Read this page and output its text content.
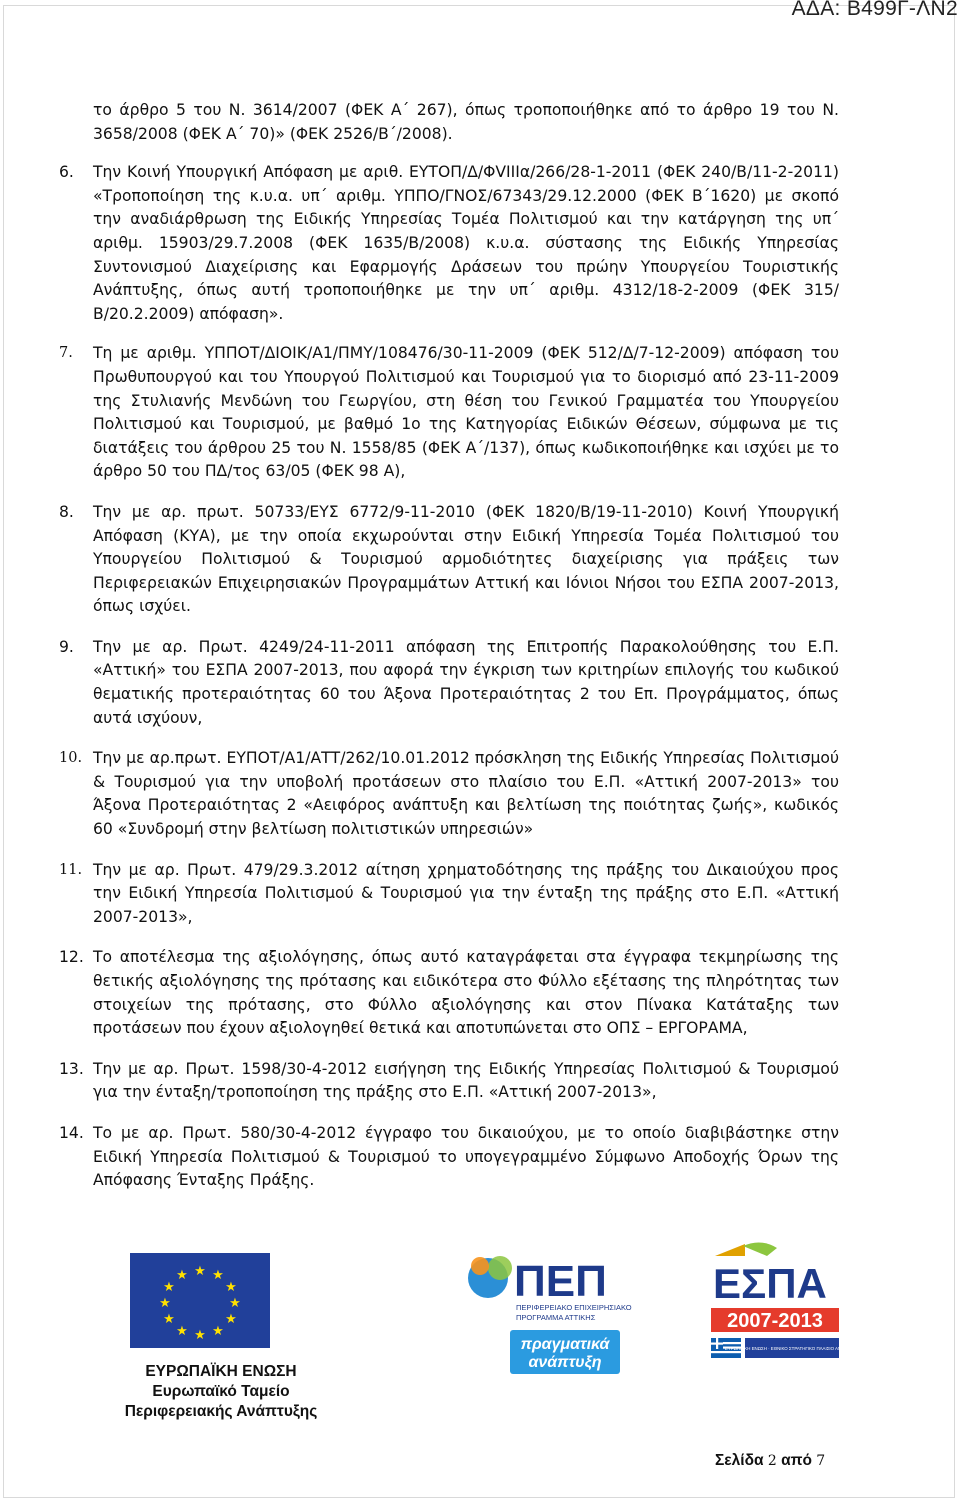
ΑΔΑ: Β499Γ-ΛΝ2

το άρθρο 5 του Ν. 3614/2007 (ΦΕΚ Α΄ 267), όπως τροποποιήθηκε από το άρθρο 19 του Ν. 3658/2008 (ΦΕΚ Α΄ 70)» (ΦΕΚ 2526/Β΄/2008).

6. Την Κοινή Υπουργική Απόφαση με αριθ. ΕΥΤΟΠ/Δ/ΦVIIIα/266/28-1-2011 (ΦΕΚ 240/Β/11-2-2011) «Τροποποίηση της κ.υ.α. υπ΄ αριθμ. ΥΠΠΟ/ΓΝΟΣ/67343/29.12.2000 (ΦΕΚ Β΄1620) με σκοπό την αναδιάρθρωση της Ειδικής Υπηρεσίας Τομέα Πολιτισμού και την κατάργηση της υπ΄ αριθμ. 15903/29.7.2008 (ΦΕΚ 1635/Β/2008) κ.υ.α. σύστασης της Ειδικής Υπηρεσίας Συντονισμού Διαχείρισης και Εφαρμογής Δράσεων του πρώην Υπουργείου Τουριστικής Ανάπτυξης, όπως αυτή τροποποιήθηκε με την υπ΄ αριθμ. 4312/18-2-2009 (ΦΕΚ 315/Β/20.2.2009) απόφαση».
7. Τη με αριθμ. ΥΠΠΟΤ/ΔΙΟΙΚ/Α1/ΠΜΥ/108476/30-11-2009 (ΦΕΚ 512/Δ/7-12-2009) απόφαση του Πρωθυπουργού και του Υπουργού Πολιτισμού και Τουρισμού για το διορισμό από 23-11-2009 της Στυλιανής Μενδώνη του Γεωργίου, στη θέση του Γενικού Γραμματέα του Υπουργείου Πολιτισμού και Τουρισμού, με βαθμό 1ο της Κατηγορίας Ειδικών Θέσεων, σύμφωνα με τις διατάξεις του άρθρου 25 του Ν. 1558/85 (ΦΕΚ Α΄/137), όπως κωδικοποιήθηκε και ισχύει με το άρθρο 50 του ΠΔ/τος 63/05 (ΦΕΚ 98 Α),
8. Την με αρ. πρωτ. 50733/ΕΥΣ 6772/9-11-2010 (ΦΕΚ 1820/Β/19-11-2010) Κοινή Υπουργική Απόφαση (ΚΥΑ), με την οποία εκχωρούνται στην Ειδική Υπηρεσία Τομέα Πολιτισμού του Υπουργείου Πολιτισμού & Τουρισμού αρμοδιότητες διαχείρισης για πράξεις των Περιφερειακών Επιχειρησιακών Προγραμμάτων Αττική και Ιόνιοι Νήσοι του ΕΣΠΑ 2007-2013, όπως ισχύει.
9. Την με αρ. Πρωτ. 4249/24-11-2011 απόφαση της Επιτροπής Παρακολούθησης του Ε.Π. «Αττική» του ΕΣΠΑ 2007-2013, που αφορά την έγκριση των κριτηρίων επιλογής του κωδικού θεματικής προτεραιότητας 60 του Άξονα Προτεραιότητας 2 του Επ. Προγράμματος, όπως αυτά ισχύουν,
10. Την με αρ.πρωτ. ΕΥΠΟΤ/Α1/ΑΤΤ/262/10.01.2012 πρόσκληση της Ειδικής Υπηρεσίας Πολιτισμού & Τουρισμού για την υποβολή προτάσεων στο πλαίσιο του Ε.Π. «Αττική 2007-2013» του Άξονα Προτεραιότητας 2 «Αειφόρος ανάπτυξη και βελτίωση της ποιότητας ζωής», κωδικός 60 «Συνδρομή στην βελτίωση πολιτιστικών υπηρεσιών»
11. Την με αρ. Πρωτ. 479/29.3.2012 αίτηση χρηματοδότησης της πράξης του Δικαιούχου προς την Ειδική Υπηρεσία Πολιτισμού & Τουρισμού για την ένταξη της πράξης στο Ε.Π. «Αττική 2007-2013»,
12. Το αποτέλεσμα της αξιολόγησης, όπως αυτό καταγράφεται στα έγγραφα τεκμηρίωσης της θετικής αξιολόγησης της πρότασης και ειδικότερα στο Φύλλο εξέτασης της πληρότητας των στοιχείων της πρότασης, στο Φύλλο αξιολόγησης και στον Πίνακα Κατάταξης των προτάσεων που έχουν αξιολογηθεί θετικά και αποτυπώνεται στο ΟΠΣ – ΕΡΓΟΡΑΜΑ,
13. Την με αρ. Πρωτ. 1598/30-4-2012 εισήγηση της Ειδικής Υπηρεσίας Πολιτισμού & Τουρισμού για την ένταξη/τροποποίηση της πράξης στο Ε.Π. «Αττική 2007-2013»,
14. Το με αρ. Πρωτ. 580/30-4-2012 έγγραφο του δικαιούχου, με το οποίο διαβιβάστηκε στην Ειδική Υπηρεσία Πολιτισμού & Τουρισμού το υπογεγραμμένο Σύμφωνο Αποδοχής Όρων της Απόφασης Ένταξης Πράξης.
★ ★
★
★
★
★
★
★
★
★
★
★
ΕΥΡΩΠΑΪΚΗ ΕΝΩΣΗ
Ευρωπαϊκό Ταμείο
Περιφερειακής Ανάπτυξης
ΠΕΠ
ΠΕΡΙΦΕΡΕΙΑΚΟ ΕΠΙΧΕΙΡΗΣΙΑΚΟ
ΠΡΟΓΡΑΜΜΑ ΑΤΤΙΚΗΣ
πραγματικά
ανάπτυξη
ΕΣΠΑ
2007-2013
ΕΥΡΩΠΑΪΚΗ ΕΝΩΣΗ · ΕΘΝΙΚΟ ΣΤΡΑΤΗΓΙΚΟ ΠΛΑΙΣΙΟ ΑΝΑΦΟΡΑΣ
Σελίδα 2 από 7
